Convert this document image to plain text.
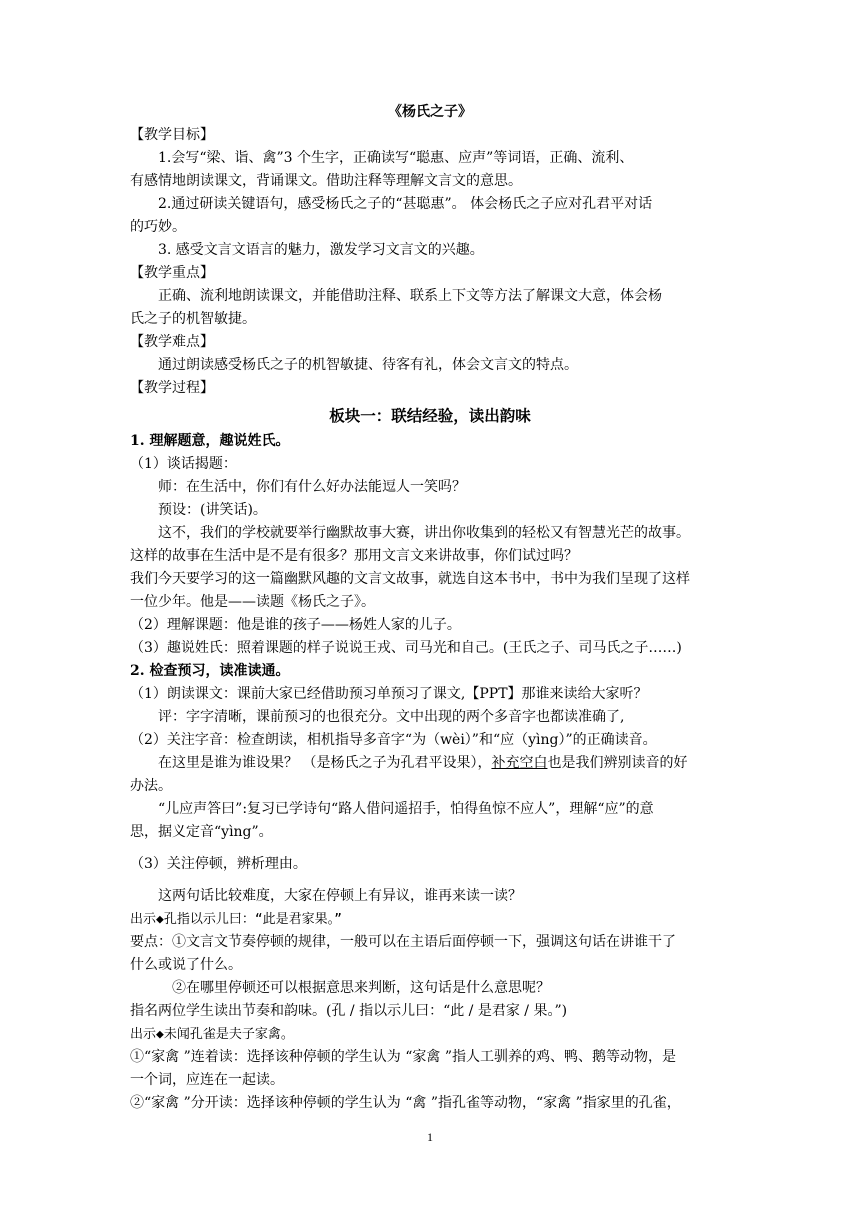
《杨氏之子》

【教学目标】

1.会写“梁、诣、禽”3 个生字，正确读写“聪惠、应声”等词语，正确、流利、

有感情地朗读课文，背诵课文。借助注释等理解文言文的意思。

2.通过研读关键语句，感受杨氏之子的“甚聪惠”。 体会杨氏之子应对孔君平对话

的巧妙。

3. 感受文言文语言的魅力，激发学习文言文的兴趣。

【教学重点】

正确、流利地朗读课文，并能借助注释、联系上下文等方法了解课文大意，体会杨

氏之子的机智敏捷。

【教学难点】

通过朗读感受杨氏之子的机智敏捷、待客有礼，体会文言文的特点。

【教学过程】

板块一：联结经验，读出韵味

1. 理解题意，趣说姓氏。

（1）谈话揭题：

师：在生活中，你们有什么好办法能逗人一笑吗？

预设：(讲笑话)。

这不，我们的学校就要举行幽默故事大赛，讲出你收集到的轻松又有智慧光芒的故事。

这样的故事在生活中是不是有很多？那用文言文来讲故事，你们试过吗？

我们今天要学习的这一篇幽默风趣的文言文故事，就选自这本书中，书中为我们呈现了这样

一位少年。他是——读题《杨氏之子》。

（2）理解课题：他是谁的孩子——杨姓人家的儿子。

（3）趣说姓氏：照着课题的样子说说王戎、司马光和自己。(王氏之子、司马氏之子……)

2. 检查预习，读准读通。

（1）朗读课文：课前大家已经借助预习单预习了课文,【PPT】那谁来读给大家听？

评：字字清晰，课前预习的也很充分。文中出现的两个多音字也都读准确了,

（2）关注字音：检查朗读，相机指导多音字“为（wèi）”和“应（yìng）”的正确读音。

在这里是谁为谁设果？ （是杨氏之子为孔君平设果），补充空白也是我们辨别读音的好

办法。

“儿应声答曰”:复习已学诗句“路人借问遥招手，怕得鱼惊不应人”，理解“应”的意

思，据义定音“yìng”。

（3）关注停顿，辨析理由。

这两句话比较难度，大家在停顿上有异议，谁再来读一读？

出示◆孔指以示儿曰：“此是君家果。”

要点：①文言文节奏停顿的规律，一般可以在主语后面停顿一下，强调这句话在讲谁干了

什么或说了什么。

②在哪里停顿还可以根据意思来判断，这句话是什么意思呢？

指名两位学生读出节奏和韵味。(孔 / 指以示儿曰：“此 / 是君家 / 果。”)

出示◆未闻孔雀是夫子家禽。

①“家禽 ”连着读：选择该种停顿的学生认为 “家禽 ”指人工驯养的鸡、鸭、鹅等动物，是

一个词，应连在一起读。

②“家禽 ”分开读：选择该种停顿的学生认为 “禽 ”指孔雀等动物，“家禽 ”指家里的孔雀，

1
